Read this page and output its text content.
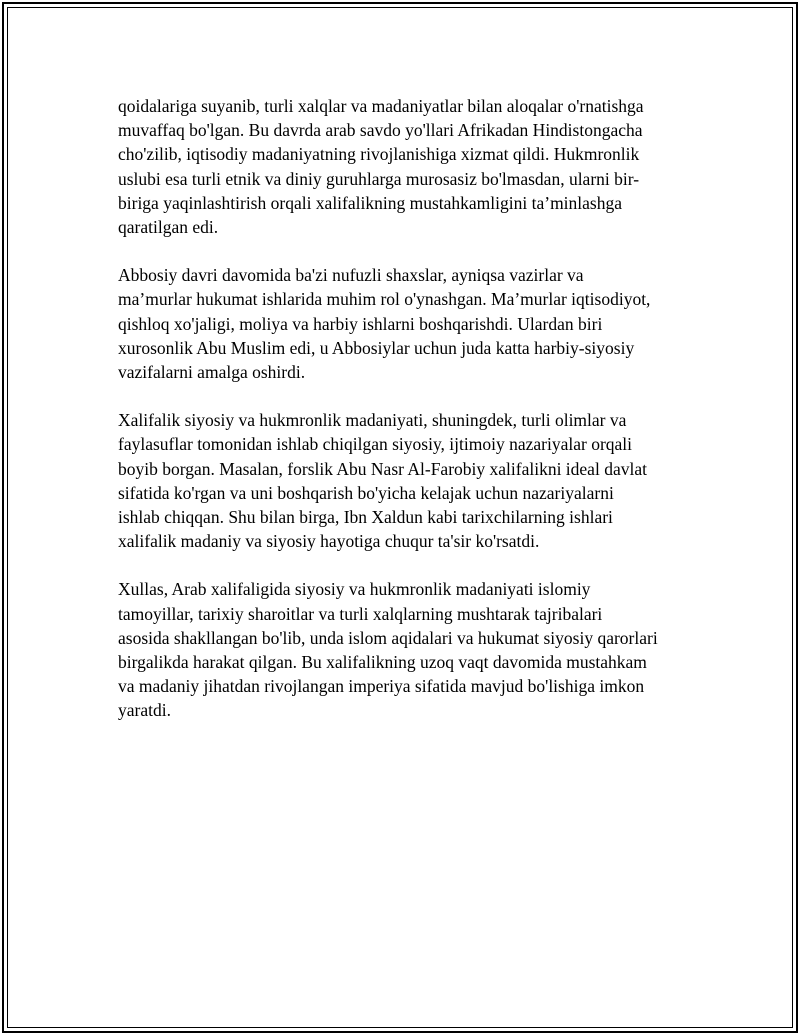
qoidalariga suyanib, turli xalqlar va madaniyatlar bilan aloqalar o'rnatishga
muvaffaq bo'lgan. Bu davrda arab savdo yo'llari Afrikadan Hindistongacha
cho'zilib, iqtisodiy madaniyatning rivojlanishiga xizmat qildi. Hukmronlik
uslubi esa turli etnik va diniy guruhlarga murosasiz bo'lmasdan, ularni bir-
biriga yaqinlashtirish orqali xalifalikning mustahkamligini ta’minlashga
qaratilgan edi.

Abbosiy davri davomida ba'zi nufuzli shaxslar, ayniqsa vazirlar va
ma’murlar hukumat ishlarida muhim rol o'ynashgan. Ma’murlar iqtisodiyot,
qishloq xo'jaligi, moliya va harbiy ishlarni boshqarishdi. Ulardan biri
xurosonlik Abu Muslim edi, u Abbosiylar uchun juda katta harbiy-siyosiy
vazifalarni amalga oshirdi.

Xalifalik siyosiy va hukmronlik madaniyati, shuningdek, turli olimlar va
faylasuflar tomonidan ishlab chiqilgan siyosiy, ijtimoiy nazariyalar orqali
boyib borgan. Masalan, forslik Abu Nasr Al-Farobiy xalifalikni ideal davlat
sifatida ko'rgan va uni boshqarish bo'yicha kelajak uchun nazariyalarni
ishlab chiqqan. Shu bilan birga, Ibn Xaldun kabi tarixchilarning ishlari
xalifalik madaniy va siyosiy hayotiga chuqur ta'sir ko'rsatdi.

Xullas, Arab xalifaligida siyosiy va hukmronlik madaniyati islomiy
tamoyillar, tarixiy sharoitlar va turli xalqlarning mushtarak tajribalari
asosida shakllangan bo'lib, unda islom aqidalari va hukumat siyosiy qarorlari
birgalikda harakat qilgan. Bu xalifalikning uzoq vaqt davomida mustahkam
va madaniy jihatdan rivojlangan imperiya sifatida mavjud bo'lishiga imkon
yaratdi.
